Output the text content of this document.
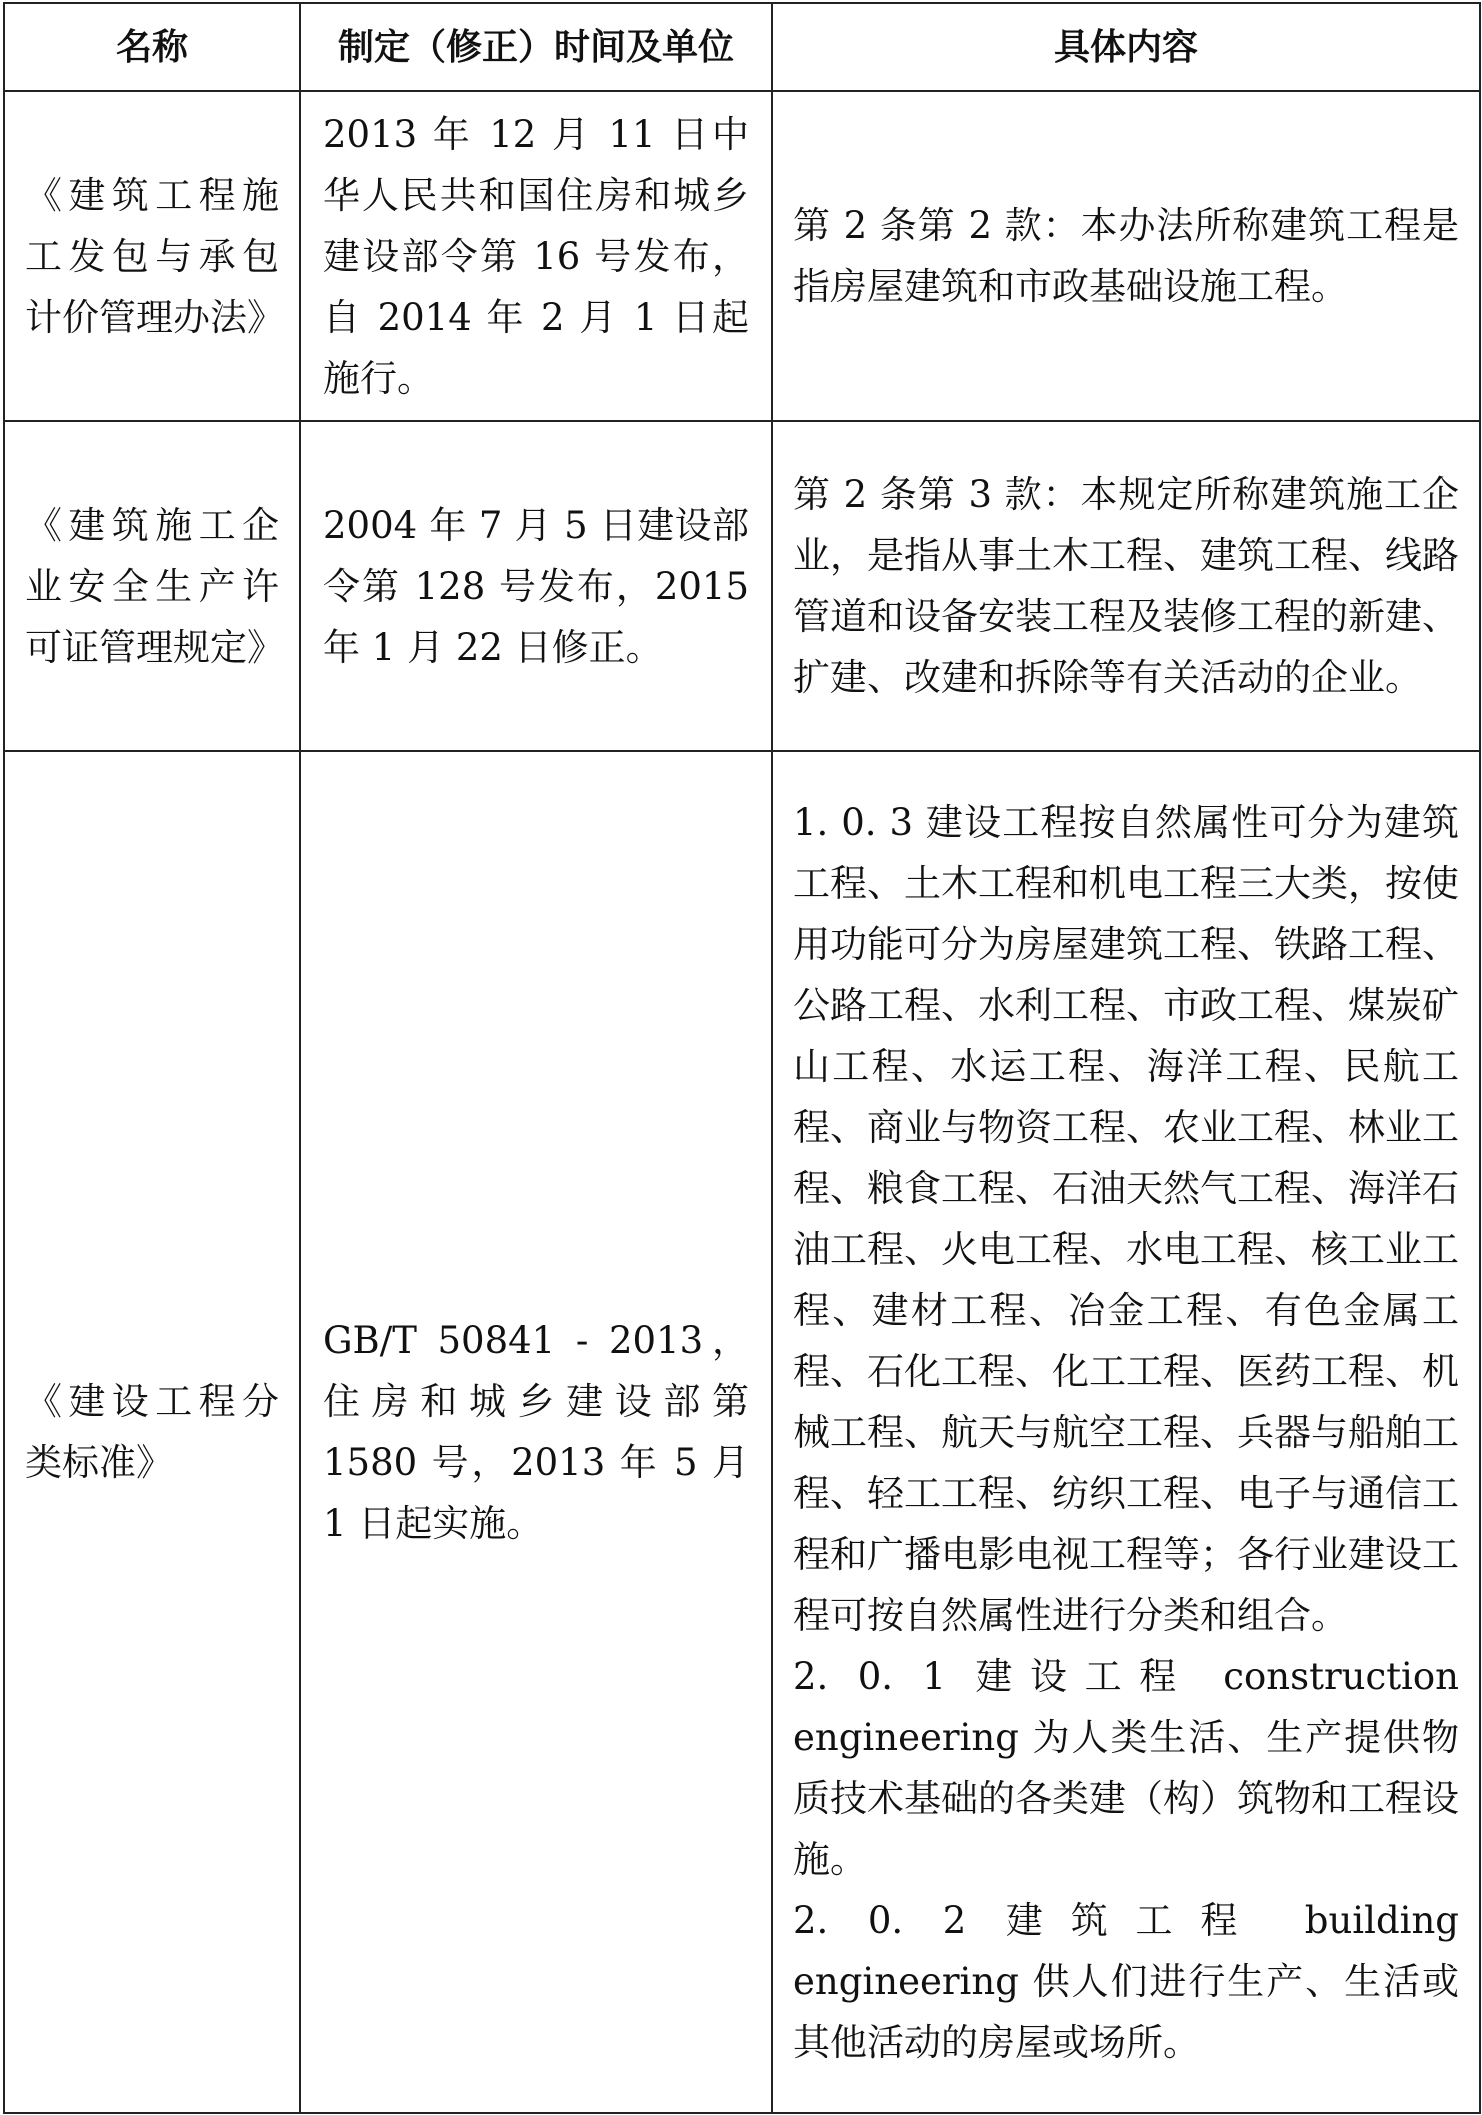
名称	制定（修正）时间及单位	具体内容
《建筑工程施工发包与承包计价管理办法》	2013 年 12 月 11 日中华人民共和国住房和城乡建设部令第 16 号发布，自 2014 年 2 月 1 日起施行。	第 2 条第 2 款：本办法所称建筑工程是指房屋建筑和市政基础设施工程。

《建筑施工企业安全生产许可证管理规定》	2004 年 7 月 5 日建设部令第 128 号发布，2015 年 1 月 22 日修正。	第 2 条第 3 款：本规定所称建筑施工企业，是指从事土木工程、建筑工程、线路管道和设备安装工程及装修工程的新建、扩建、改建和拆除等有关活动的企业。

《建设工程分类标准》	GB/T 50841 - 2013，住房和城乡建设部第 1580 号，2013 年 5 月 1 日起实施。	1. 0. 3 建设工程按自然属性可分为建筑工程、土木工程和机电工程三大类，按使用功能可分为房屋建筑工程、铁路工程、公路工程、水利工程、市政工程、煤炭矿山工程、水运工程、海洋工程、民航工程、商业与物资工程、农业工程、林业工程、粮食工程、石油天然气工程、海洋石油工程、火电工程、水电工程、核工业工程、建材工程、冶金工程、有色金属工程、石化工程、化工工程、医药工程、机械工程、航天与航空工程、兵器与船舶工程、轻工工程、纺织工程、电子与通信工程和广播电影电视工程等；各行业建设工程可按自然属性进行分类和组合。
2. 0. 1 建设工程 construction engineering 为人类生活、生产提供物质技术基础的各类建（构）筑物和工程设施。
2. 0. 2 建筑工程 building engineering 供人们进行生产、生活或其他活动的房屋或场所。
